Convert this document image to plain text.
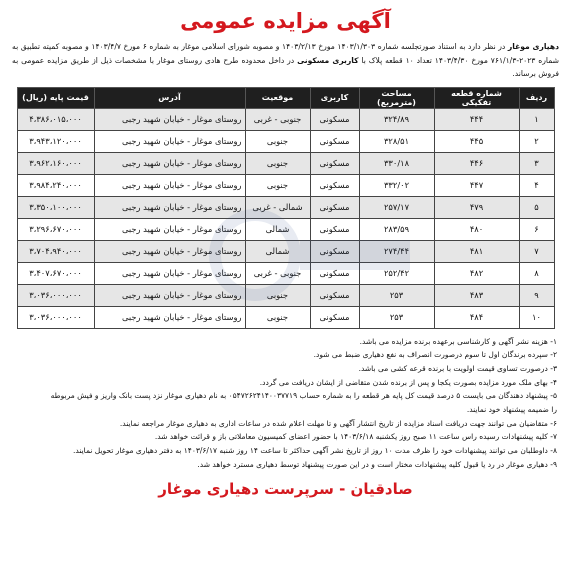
آگهی مزایده عمومی
دهیاری موغار در نظر دارد به استناد صورتجلسه شماره ۱۴۰۳/۱/۳۰۳ مورخ ۱۴۰۳/۲/۱۳ و مصوبه شورای اسلامی موغار به شماره ۶ مورخ ۱۴۰۳/۴/۷ و مصوبه کمیته تطبیق به شماره ۲۰۲۳-۷۶۱/۱/۳ مورخ ۱۴۰۳/۴/۳۰ تعداد ۱۰ قطعه پلاک با کاربری مسکونی در داخل محدوده طرح هادی روستای موغار با مشخصات ذیل از طریق مزایده عمومی به فروش برساند.
ردیف	شماره قطعه تفکیکی	مساحت (مترمربع)	کاربری	موقعیت	آدرس	قیمت پایه (ریال)
۱	۴۴۴	۳۲۴/۸۹	مسکونی	جنوبی - غربی	روستای موغار - خیابان شهید رجبی	۴،۳۸۶،۰۱۵،۰۰۰
۲	۴۴۵	۳۲۸/۵۱	مسکونی	جنوبی	روستای موغار - خیابان شهید رجبی	۳،۹۴۳،۱۲۰،۰۰۰
۳	۴۴۶	۳۳۰/۱۸	مسکونی	جنوبی	روستای موغار - خیابان شهید رجبی	۳،۹۶۲،۱۶۰،۰۰۰
۴	۴۴۷	۳۳۲/۰۲	مسکونی	جنوبی	روستای موغار - خیابان شهید رجبی	۳،۹۸۴،۲۴۰،۰۰۰
۵	۴۷۹	۲۵۷/۱۷	مسکونی	شمالی - غربی	روستای موغار - خیابان شهید رجبی	۳،۳۵۰،۱۰۰،۰۰۰
۶	۴۸۰	۲۸۳/۵۹	مسکونی	شمالی	روستای موغار - خیابان شهید رجبی	۳،۲۹۶،۶۷۰،۰۰۰
۷	۴۸۱	۲۷۴/۴۴	مسکونی	شمالی	روستای موغار - خیابان شهید رجبی	۳،۷۰۴،۹۴۰،۰۰۰
۸	۴۸۲	۲۵۲/۴۲	مسکونی	جنوبی - غربی	روستای موغار - خیابان شهید رجبی	۳،۴۰۷،۶۷۰،۰۰۰
۹	۴۸۳	۲۵۳	مسکونی	جنوبی	روستای موغار - خیابان شهید رجبی	۳،۰۳۶،۰۰۰،۰۰۰
۱۰	۴۸۴	۲۵۳	مسکونی	جنوبی	روستای موغار - خیابان شهید رجبی	۳،۰۳۶،۰۰۰،۰۰۰
۱- هزینه نشر آگهی و کارشناسی برعهده برنده مزایده می باشد.
۲- سپرده برندگان اول تا سوم درصورت انصراف به نفع دهیاری ضبط می شود.
۳- درصورت تساوی قیمت اولویت با برنده قرعه کشی می باشد.
۴- بهای ملک مورد مزایده بصورت یکجا و پس از برنده شدن متقاضی از ایشان دریافت می گردد.
۵- پیشنهاد دهندگان می بایست ۵ درصد قیمت کل پایه هر قطعه را به شماره حساب ۰۵۴۷۲۶۲۴۱۴۰۰۳۷۷۱۹ به نام دهیاری موغار نزد پست بانک واریز و فیش مربوطه
را ضمیمه پیشنهاد خود نمایند.
۶- متقاضیان می توانند جهت دریافت اسناد مزایده از تاریخ انتشار آگهی و تا مهلت اعلام شده در ساعات اداری به دهیاری موغار مراجعه نمایند.
۷- کلیه پیشنهادات رسیده راس ساعت ۱۱ صبح روز یکشنبه ۱۴۰۳/۶/۱۸ با حضور اعضای کمیسیون معاملاتی باز و قرائت خواهد شد.
۸- داوطلبان می توانند پیشنهادات خود را ظرف مدت ۱۰ روز از تاریخ نشر آگهی حداکثر تا ساعت ۱۴ روز شنبه ۱۴۰۳/۶/۱۷ به دفتر دهیاری موغار تحویل نمایند.
۹- دهیاری موغار در رد یا قبول کلیه پیشنهادات مختار است و در این صورت پیشنهاد توسط دهیاری مسترد خواهد شد.
صادقیان - سرپرست دهیاری موغار
